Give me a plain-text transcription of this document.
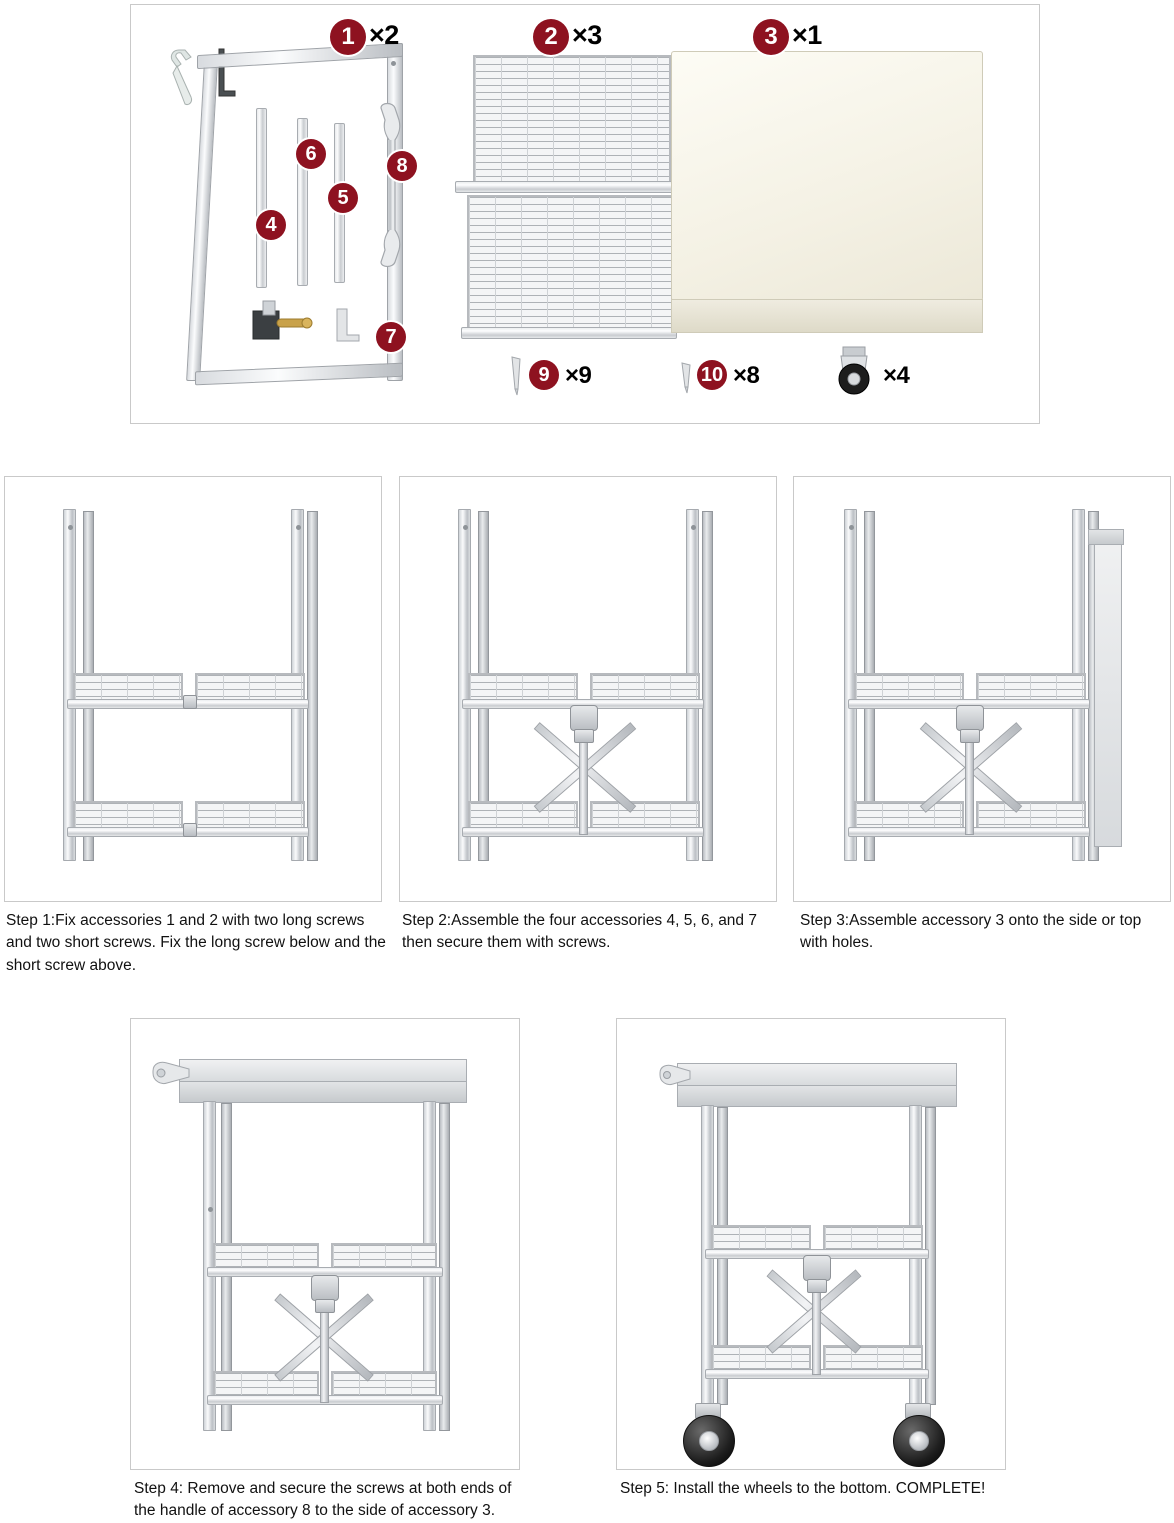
1 ×2	2 ×3	3 ×1
6
8
5
4
7
9 ×9	10 ×8	×4
Step 1:Fix accessories 1 and 2 with two long screws and two short screws. Fix the long screw below and the short screw above.
Step 2:Assemble the four accessories 4, 5, 6, and 7 then secure them with screws.
Step 3:Assemble accessory 3 onto the side or top with holes.
Step 4: Remove and secure the screws at both ends of the handle of accessory 8 to the side of accessory 3.
Step 5: Install the wheels to the bottom. COMPLETE!
